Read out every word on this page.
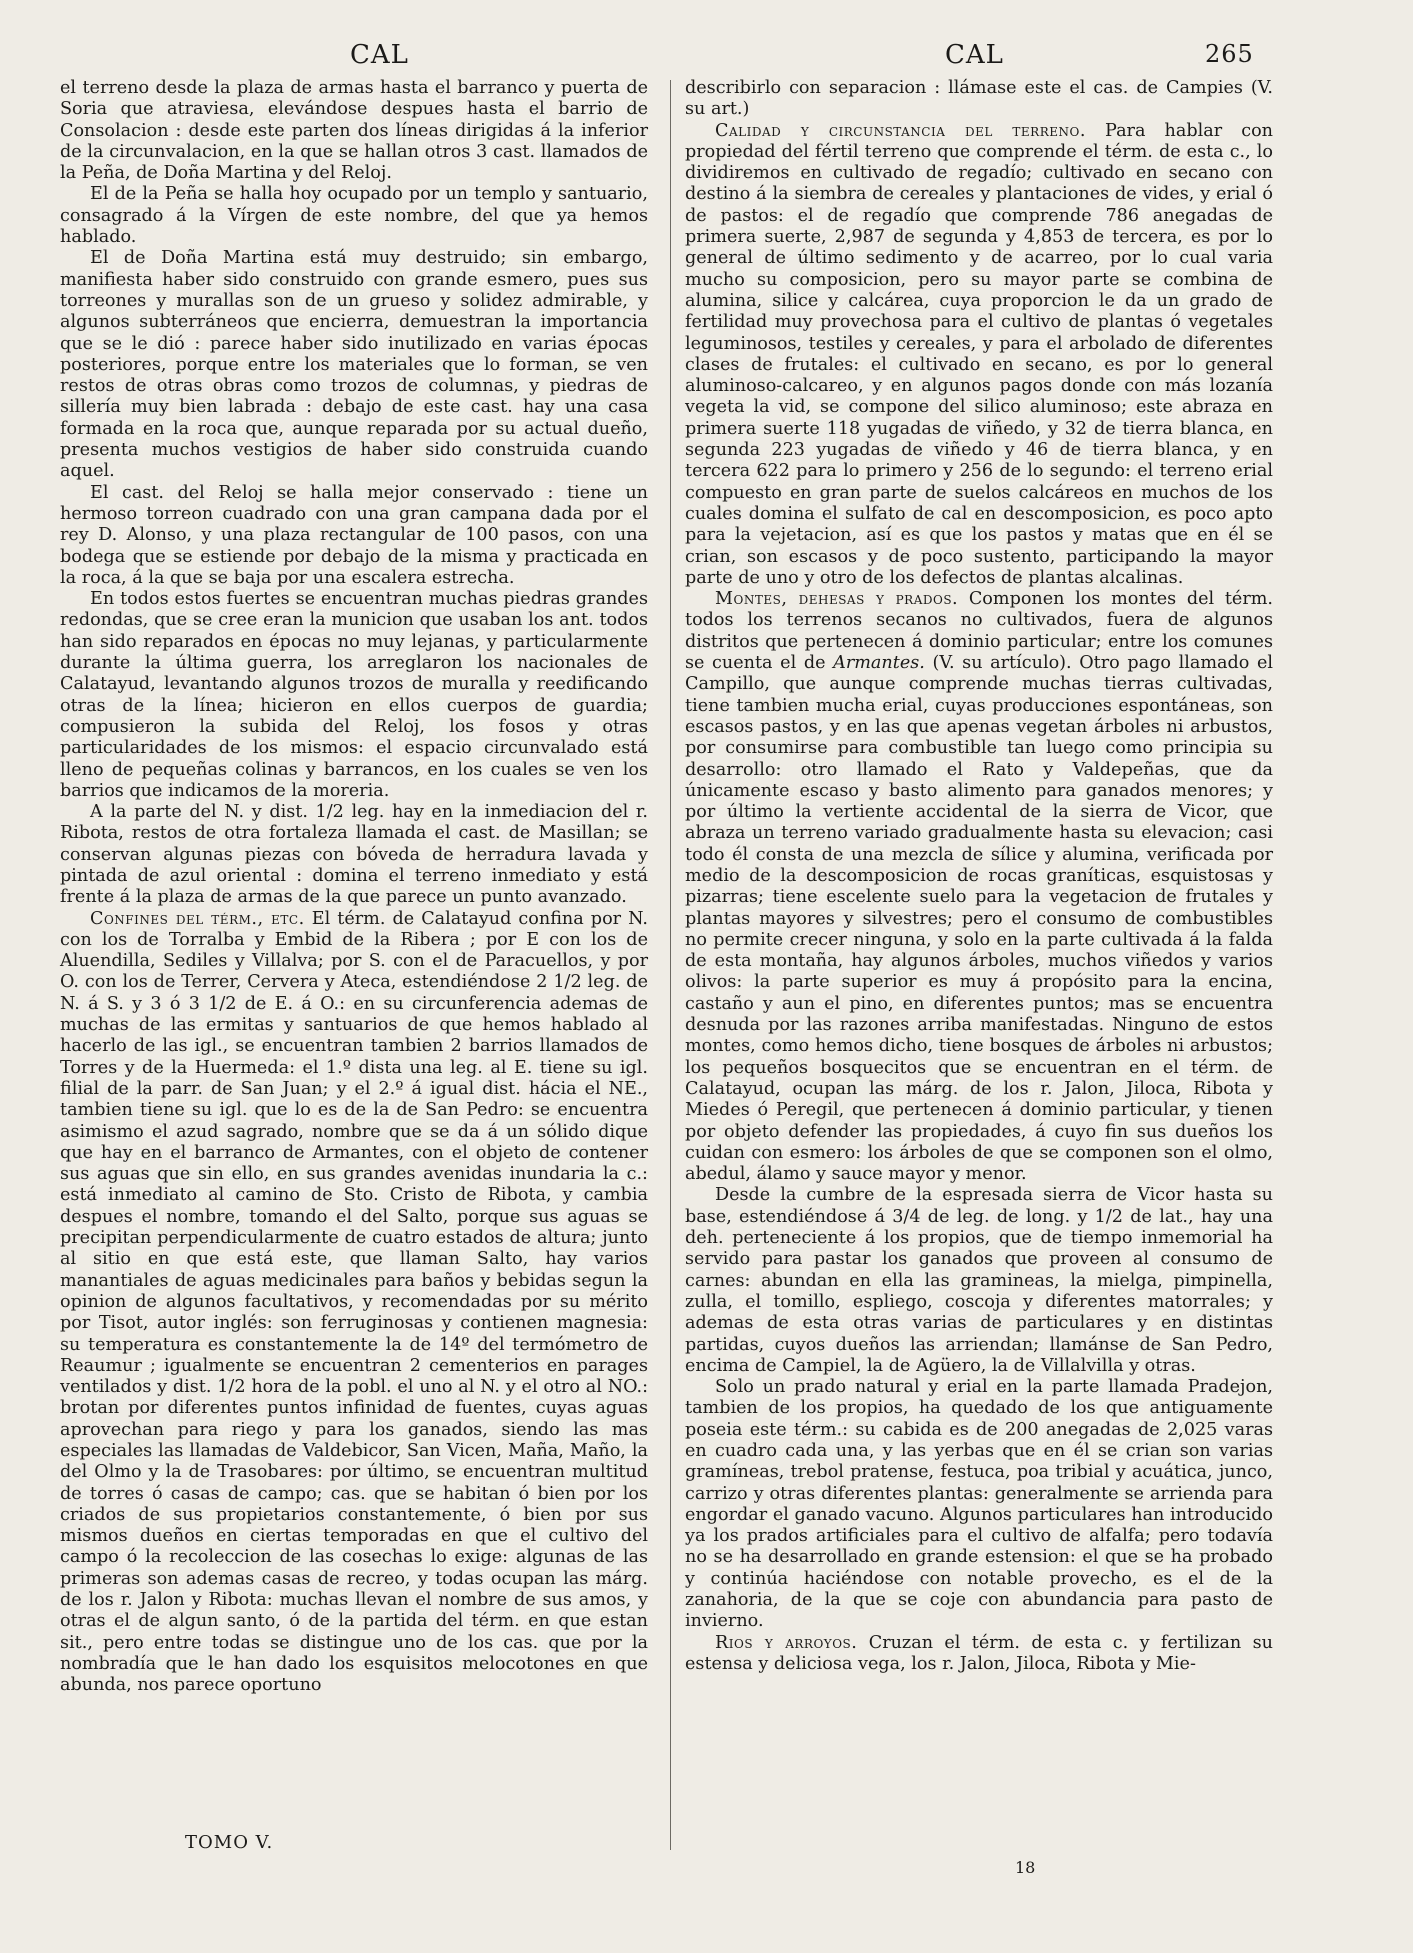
CAL	CAL	265

el terreno desde la plaza de armas hasta el barranco y puerta de Soria que atraviesa, elevándose despues hasta el barrio de Consolacion : desde este parten dos líneas dirigidas á la inferior de la circunvalacion, en la que se hallan otros 3 cast. llamados de la Peña, de Doña Martina y del Reloj.

El de la Peña se halla hoy ocupado por un templo y santuario, consagrado á la Vírgen de este nombre, del que ya hemos hablado.

El de Doña Martina está muy destruido; sin embargo, manifiesta haber sido construido con grande esmero, pues sus torreones y murallas son de un grueso y solidez admirable, y algunos subterráneos que encierra, demuestran la importancia que se le dió : parece haber sido inutilizado en varias épocas posteriores, porque entre los materiales que lo forman, se ven restos de otras obras como trozos de columnas, y piedras de sillería muy bien labrada : debajo de este cast. hay una casa formada en la roca que, aunque reparada por su actual dueño, presenta muchos vestigios de haber sido construida cuando aquel.

El cast. del Reloj se halla mejor conservado : tiene un hermoso torreon cuadrado con una gran campana dada por el rey D. Alonso, y una plaza rectangular de 100 pasos, con una bodega que se estiende por debajo de la misma y practicada en la roca, á la que se baja por una escalera estrecha.

En todos estos fuertes se encuentran muchas piedras grandes redondas, que se cree eran la municion que usaban los ant. todos han sido reparados en épocas no muy lejanas, y particularmente durante la última guerra, los arreglaron los nacionales de Calatayud, levantando algunos trozos de muralla y reedificando otras de la línea; hicieron en ellos cuerpos de guardia; compusieron la subida del Reloj, los fosos y otras particularidades de los mismos: el espacio circunvalado está lleno de pequeñas colinas y barrancos, en los cuales se ven los barrios que indicamos de la moreria.

A la parte del N. y dist. 1/2 leg. hay en la inmediacion del r. Ribota, restos de otra fortaleza llamada el cast. de Masillan; se conservan algunas piezas con bóveda de herradura lavada y pintada de azul oriental : domina el terreno inmediato y está frente á la plaza de armas de la que parece un punto avanzado.

Confines del térm., etc. El térm. de Calatayud confina por N. con los de Torralba y Embid de la Ribera ; por E con los de Aluendilla, Sediles y Villalva; por S. con el de Paracuellos, y por O. con los de Terrer, Cervera y Ateca, estendiéndose 2 1/2 leg. de N. á S. y 3 ó 3 1/2 de E. á O.: en su circunferencia ademas de muchas de las ermitas y santuarios de que hemos hablado al hacerlo de las igl., se encuentran tambien 2 barrios llamados de Torres y de la Huermeda: el 1.º dista una leg. al E. tiene su igl. filial de la parr. de San Juan; y el 2.º á igual dist. hácia el NE., tambien tiene su igl. que lo es de la de San Pedro: se encuentra asimismo el azud sagrado, nombre que se da á un sólido dique que hay en el barranco de Armantes, con el objeto de contener sus aguas que sin ello, en sus grandes avenidas inundaria la c.: está inmediato al camino de Sto. Cristo de Ribota, y cambia despues el nombre, tomando el del Salto, porque sus aguas se precipitan perpendicularmente de cuatro estados de altura; junto al sitio en que está este, que llaman Salto, hay varios manantiales de aguas medicinales para baños y bebidas segun la opinion de algunos facultativos, y recomendadas por su mérito por Tisot, autor inglés: son ferruginosas y contienen magnesia: su temperatura es constantemente la de 14º del termómetro de Reaumur ; igualmente se encuentran 2 cementerios en parages ventilados y dist. 1/2 hora de la pobl. el uno al N. y el otro al NO.: brotan por diferentes puntos infinidad de fuentes, cuyas aguas aprovechan para riego y para los ganados, siendo las mas especiales las llamadas de Valdebicor, San Vicen, Maña, Maño, la del Olmo y la de Trasobares: por último, se encuentran multitud de torres ó casas de campo; cas. que se habitan ó bien por los criados de sus propietarios constantemente, ó bien por sus mismos dueños en ciertas temporadas en que el cultivo del campo ó la recoleccion de las cosechas lo exige: algunas de las primeras son ademas casas de recreo, y todas ocupan las márg. de los r. Jalon y Ribota: muchas llevan el nombre de sus amos, y otras el de algun santo, ó de la partida del térm. en que estan sit., pero entre todas se distingue uno de los cas. que por la nombradía que le han dado los esquisitos melocotones en que abunda, nos parece oportuno

describirlo con separacion : llámase este el cas. de Campies (V. su art.)

Calidad y circunstancia del terreno. Para hablar con propiedad del fértil terreno que comprende el térm. de esta c., lo dividiremos en cultivado de regadío; cultivado en secano con destino á la siembra de cereales y plantaciones de vides, y erial ó de pastos: el de regadío que comprende 786 anegadas de primera suerte, 2,987 de segunda y 4,853 de tercera, es por lo general de último sedimento y de acarreo, por lo cual varia mucho su composicion, pero su mayor parte se combina de alumina, silice y calcárea, cuya proporcion le da un grado de fertilidad muy provechosa para el cultivo de plantas ó vegetales leguminosos, testiles y cereales, y para el arbolado de diferentes clases de frutales: el cultivado en secano, es por lo general aluminoso-calcareo, y en algunos pagos donde con más lozanía vegeta la vid, se compone del silico aluminoso; este abraza en primera suerte 118 yugadas de viñedo, y 32 de tierra blanca, en segunda 223 yugadas de viñedo y 46 de tierra blanca, y en tercera 622 para lo primero y 256 de lo segundo: el terreno erial compuesto en gran parte de suelos calcáreos en muchos de los cuales domina el sulfato de cal en descomposicion, es poco apto para la vejetacion, así es que los pastos y matas que en él se crian, son escasos y de poco sustento, participando la mayor parte de uno y otro de los defectos de plantas alcalinas.

Montes, dehesas y prados. Componen los montes del térm. todos los terrenos secanos no cultivados, fuera de algunos distritos que pertenecen á dominio particular; entre los comunes se cuenta el de Armantes. (V. su artículo). Otro pago llamado el Campillo, que aunque comprende muchas tierras cultivadas, tiene tambien mucha erial, cuyas producciones espontáneas, son escasos pastos, y en las que apenas vegetan árboles ni arbustos, por consumirse para combustible tan luego como principia su desarrollo: otro llamado el Rato y Valdepeñas, que da únicamente escaso y basto alimento para ganados menores; y por último la vertiente accidental de la sierra de Vicor, que abraza un terreno variado gradualmente hasta su elevacion; casi todo él consta de una mezcla de sílice y alumina, verificada por medio de la descomposicion de rocas graníticas, esquistosas y pizarras; tiene escelente suelo para la vegetacion de frutales y plantas mayores y silvestres; pero el consumo de combustibles no permite crecer ninguna, y solo en la parte cultivada á la falda de esta montaña, hay algunos árboles, muchos viñedos y varios olivos: la parte superior es muy á propósito para la encina, castaño y aun el pino, en diferentes puntos; mas se encuentra desnuda por las razones arriba manifestadas. Ninguno de estos montes, como hemos dicho, tiene bosques de árboles ni arbustos; los pequeños bosquecitos que se encuentran en el térm. de Calatayud, ocupan las márg. de los r. Jalon, Jiloca, Ribota y Miedes ó Peregil, que pertenecen á dominio particular, y tienen por objeto defender las propiedades, á cuyo fin sus dueños los cuidan con esmero: los árboles de que se componen son el olmo, abedul, álamo y sauce mayor y menor.

Desde la cumbre de la espresada sierra de Vicor hasta su base, estendiéndose á 3/4 de leg. de long. y 1/2 de lat., hay una deh. perteneciente á los propios, que de tiempo inmemorial ha servido para pastar los ganados que proveen al consumo de carnes: abundan en ella las gramineas, la mielga, pimpinella, zulla, el tomillo, espliego, coscoja y diferentes matorrales; y ademas de esta otras varias de particulares y en distintas partidas, cuyos dueños las arriendan; llamánse de San Pedro, encima de Campiel, la de Agüero, la de Villalvilla y otras.

Solo un prado natural y erial en la parte llamada Pradejon, tambien de los propios, ha quedado de los que antiguamente poseia este térm.: su cabida es de 200 anegadas de 2,025 varas en cuadro cada una, y las yerbas que en él se crian son varias gramíneas, trebol pratense, festuca, poa tribial y acuática, junco, carrizo y otras diferentes plantas: generalmente se arrienda para engordar el ganado vacuno. Algunos particulares han introducido ya los prados artificiales para el cultivo de alfalfa; pero todavía no se ha desarrollado en grande estension: el que se ha probado y continúa haciéndose con notable provecho, es el de la zanahoria, de la que se coje con abundancia para pasto de invierno.

Rios y arroyos. Cruzan el térm. de esta c. y fertilizan su estensa y deliciosa vega, los r. Jalon, Jiloca, Ribota y Mie-

TOMO V.
18
